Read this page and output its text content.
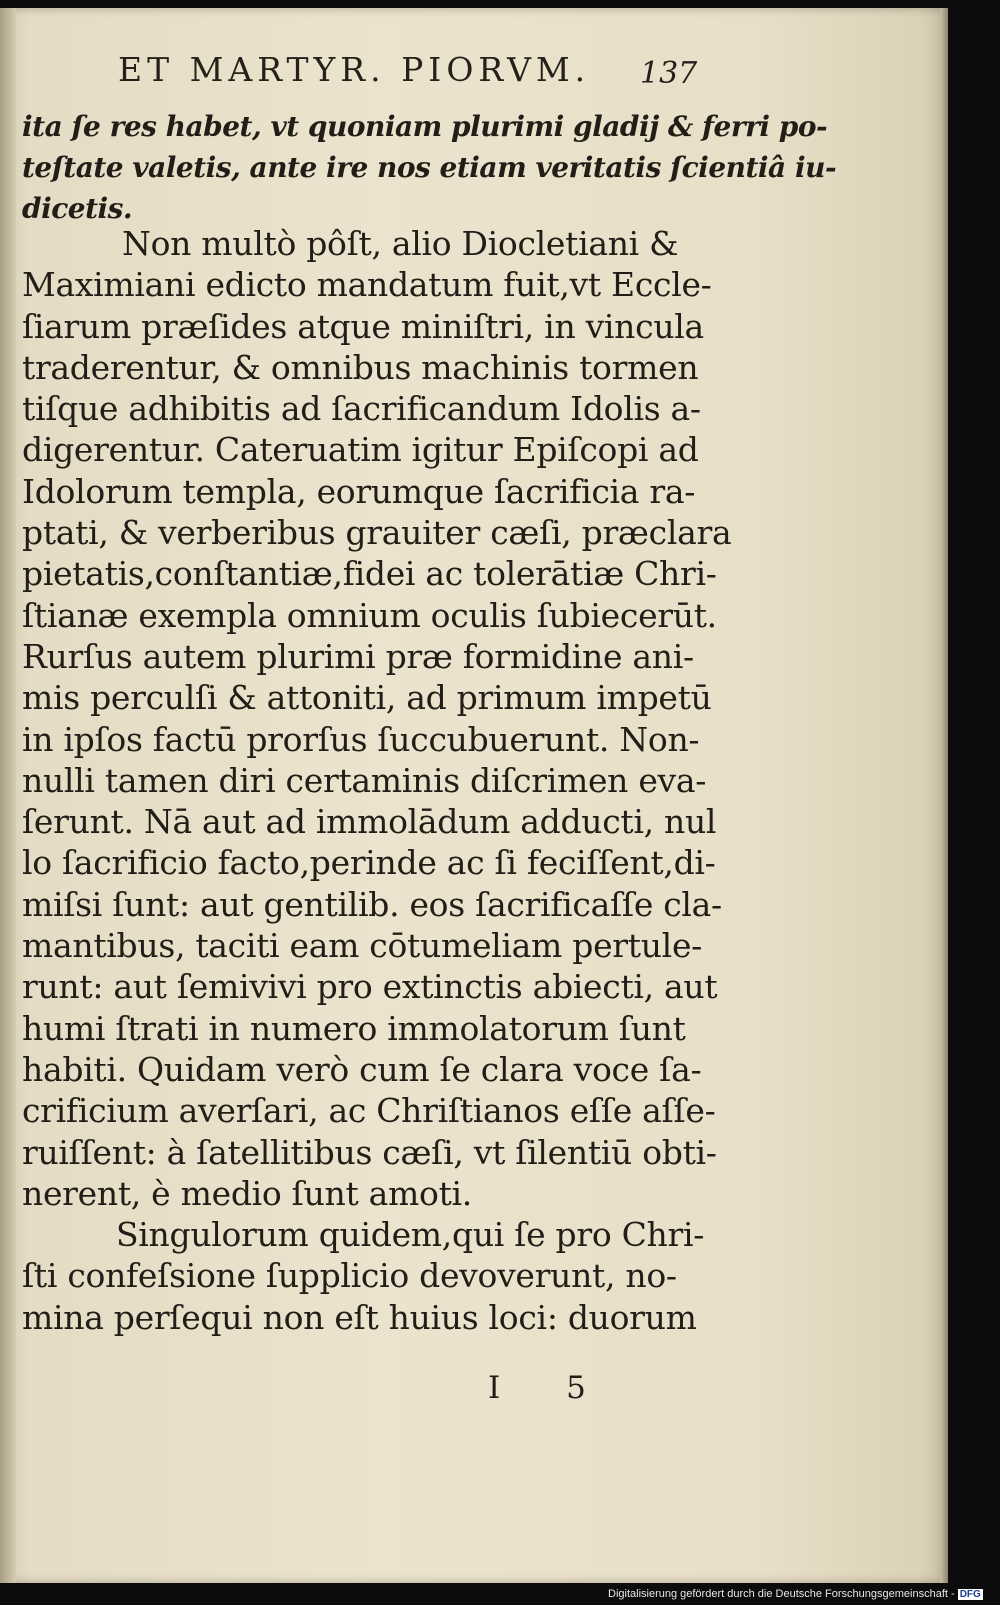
ET MARTYR. PIORVM.	137
ita ſe res habet, vt quoniam plurimi gladij & ferri po-
teſtate valetis, ante ire nos etiam veritatis ſcientiâ iu-
dicetis.
Non multò pôſt, alio Diocletiani &
Maximiani edicto mandatum fuit,vt Eccle-
ſiarum præſides atque miniſtri, in vincula
traderentur, & omnibus machinis tormen
tiſque adhibitis ad ſacrificandum Idolis a-
digerentur. Cateruatim igitur Epiſcopi ad
Idolorum templa, eorumque ſacrificia ra-
ptati, & verberibus grauiter cæſi, præclara
pietatis,conſtantiæ,fidei ac tolerātiæ Chri-
ſtianæ exempla omnium oculis ſubiecerūt.
Rurſus autem plurimi præ formidine ani-
mis perculſi & attoniti, ad primum impetū
in ipſos factū prorſus ſuccubuerunt. Non-
nulli tamen diri certaminis diſcrimen eva-
ſerunt. Nā aut ad immolādum adducti, nul
lo ſacrificio facto,perinde ac ſi feciſſent,di-
miſsi ſunt: aut gentilib. eos ſacrificaſſe cla-
mantibus, taciti eam cōtumeliam pertule-
runt: aut ſemivivi pro extinctis abiecti, aut
humi ſtrati in numero immolatorum ſunt
habiti. Quidam verò cum ſe clara voce ſa-
crificium averſari, ac Chriſtianos eſſe aſſe-
ruiſſent: à ſatellitibus cæſi, vt ſilentiū obti-
nerent, è medio ſunt amoti.
Singulorum quidem,qui ſe pro Chri-
ſti confeſsione ſupplicio devoverunt, no-
mina perſequi non eſt huius loci: duorum
I 5
Digitalisierung gefördert durch die Deutsche Forschungsgemeinschaft - DFG
